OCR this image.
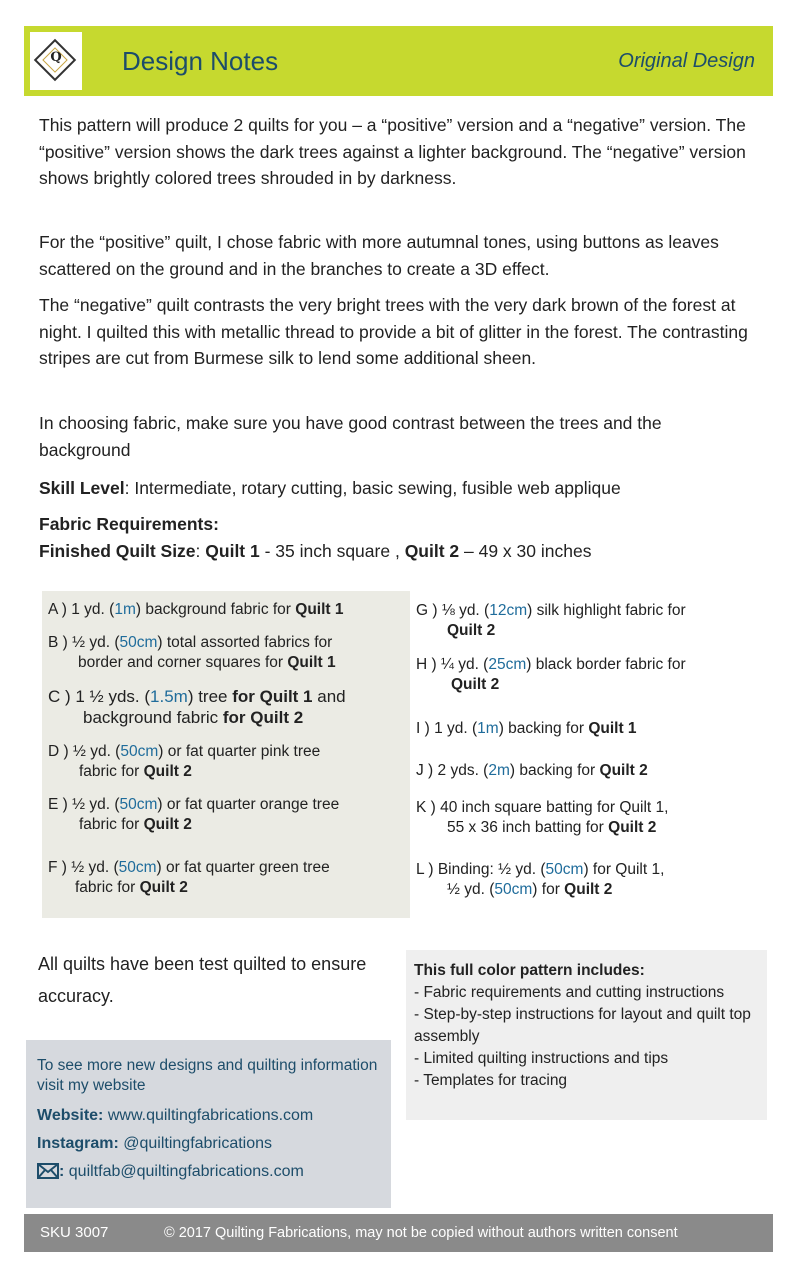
Q	Design Notes	Original Design
This pattern will produce 2 quilts for you – a “positive” version and a “negative” version. The “positive” version shows the dark trees against a lighter background. The “negative” version shows brightly colored trees shrouded in by darkness.
For the “positive” quilt, I chose fabric with more autumnal tones, using buttons as leaves scattered on the ground and in the branches to create a 3D effect.
The “negative” quilt contrasts the very bright trees with the very dark brown of the forest at night. I quilted this with metallic thread to provide a bit of glitter in the forest. The contrasting stripes are cut from Burmese silk to lend some additional sheen.
In choosing fabric, make sure you have good contrast between the trees and the background
Skill Level: Intermediate, rotary cutting, basic sewing, fusible web applique
Fabric Requirements:
Finished Quilt Size: Quilt 1 - 35 inch square , Quilt 2 – 49 x 30 inches
A ) 1 yd. (1m) background fabric for Quilt 1
B ) ½ yd. (50cm) total assorted fabrics for
border and corner squares for Quilt 1
C ) 1 ½ yds. (1.5m) tree for Quilt 1 and
background fabric for Quilt 2
D ) ½ yd. (50cm) or fat quarter pink tree
fabric for Quilt 2
E ) ½ yd. (50cm) or fat quarter orange tree
fabric for Quilt 2
F ) ½ yd. (50cm) or fat quarter green tree
fabric for Quilt 2
G ) ⅛ yd. (12cm) silk highlight fabric for
Quilt 2
H ) ¼ yd. (25cm) black border fabric for
Quilt 2
I ) 1 yd. (1m) backing for Quilt 1
J ) 2 yds. (2m) backing for Quilt 2
K ) 40 inch square batting for Quilt 1,
55 x 36 inch batting for Quilt 2
L ) Binding: ½ yd. (50cm) for Quilt 1,
½ yd. (50cm) for Quilt 2
All quilts have been test quilted to ensure accuracy.
This full color pattern includes:
- Fabric requirements and cutting instructions
- Step-by-step instructions for layout and quilt top assembly
- Limited quilting instructions and tips
- Templates for tracing
To see more new designs and quilting information visit my website
Website: www.quiltingfabrications.com
Instagram: @quiltingfabrications
: quiltfab@quiltingfabrications.com
SKU 3007	© 2017 Quilting Fabrications, may not be copied without authors written consent
